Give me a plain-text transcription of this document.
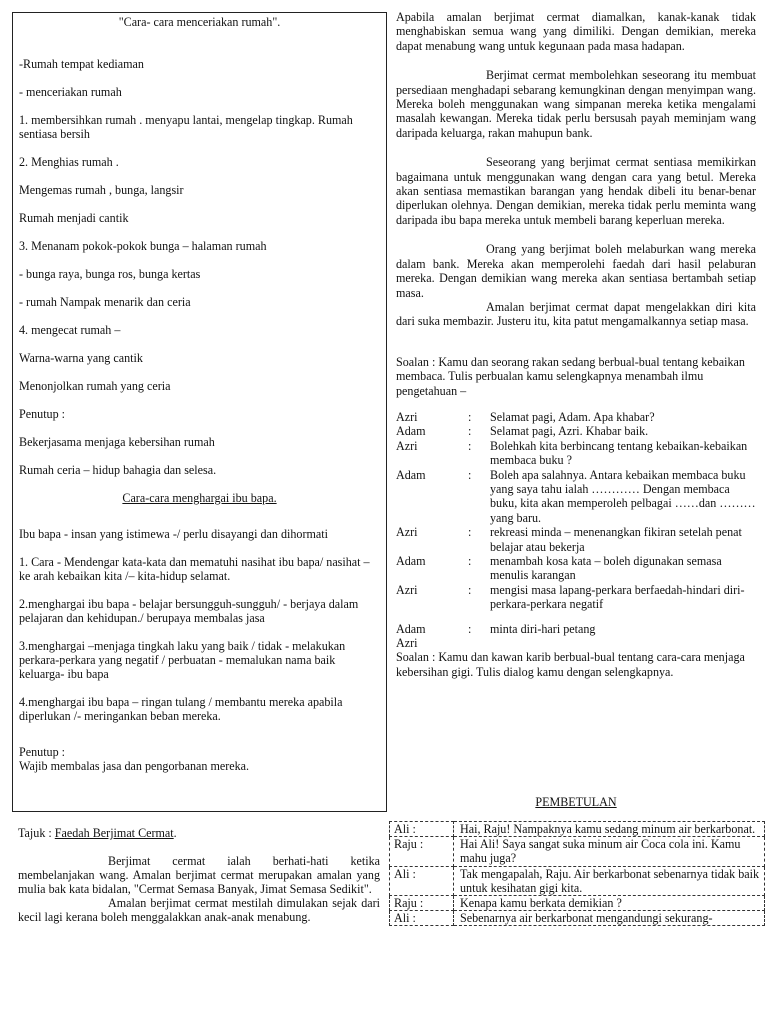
"Cara- cara menceriakan rumah".
-Rumah tempat kediaman
- menceriakan rumah
1. membersihkan rumah . menyapu lantai, mengelap tingkap. Rumah sentiasa bersih
2. Menghias rumah .
Mengemas rumah , bunga, langsir
Rumah menjadi cantik
3. Menanam pokok-pokok bunga – halaman rumah
- bunga raya, bunga ros, bunga kertas
- rumah Nampak menarik dan ceria
4. mengecat rumah –
Warna-warna yang cantik
Menonjolkan rumah yang ceria
Penutup :
Bekerjasama menjaga kebersihan rumah
Rumah ceria – hidup bahagia dan selesa.
Cara-cara menghargai ibu bapa.
Ibu bapa - insan yang istimewa -/ perlu disayangi dan dihormati
1. Cara - Mendengar kata-kata dan mematuhi nasihat ibu bapa/ nasihat – ke arah kebaikan kita /– kita-hidup selamat.
2.menghargai ibu bapa - belajar bersungguh-sungguh/ - berjaya dalam pelajaran dan kehidupan./ berupaya membalas jasa
3.menghargai –menjaga tingkah laku yang baik / tidak - melakukan perkara-perkara yang negatif / perbuatan - memalukan nama baik keluarga- ibu bapa
4.menghargai ibu bapa – ringan tulang / membantu mereka apabila diperlukan /- meringankan beban mereka.
Penutup :
Wajib membalas jasa dan pengorbanan mereka.

Tajuk : Faedah Berjimat Cermat.

Berjimat cermat ialah berhati-hati ketika membelanjakan wang. Amalan berjimat cermat merupakan amalan yang mulia bak kata bidalan, "Cermat Semasa Banyak, Jimat Semasa Sedikit".

Amalan berjimat cermat mestilah dimulakan sejak dari kecil lagi kerana boleh menggalakkan anak-anak menabung.

Apabila amalan berjimat cermat diamalkan, kanak-kanak tidak menghabiskan semua wang yang dimiliki. Dengan demikian, mereka dapat menabung wang untuk kegunaan pada masa hadapan.

Berjimat cermat membolehkan seseorang itu membuat persediaan menghadapi sebarang kemungkinan dengan menyimpan wang. Mereka boleh menggunakan wang simpanan mereka ketika mengalami masalah kewangan. Mereka tidak perlu bersusah payah meminjam wang daripada keluarga, rakan mahupun bank.

Seseorang yang berjimat cermat sentiasa memikirkan bagaimana untuk menggunakan wang dengan cara yang betul. Mereka akan sentiasa memastikan barangan yang hendak dibeli itu benar-benar diperlukan olehnya. Dengan demikian, mereka tidak perlu meminta wang daripada ibu bapa mereka untuk membeli barang keperluan mereka.

Orang yang berjimat boleh melaburkan wang mereka dalam bank. Mereka akan memperolehi faedah dari hasil pelaburan mereka. Dengan demikian wang mereka akan sentiasa bertambah setiap masa.

Amalan berjimat cermat dapat mengelakkan diri kita dari suka membazir. Justeru itu, kita patut mengamalkannya setiap masa.

Soalan : Kamu dan seorang rakan sedang berbual-bual tentang kebaikan membaca. Tulis perbualan kamu selengkapnya menambah ilmu pengetahuan –

Azri	:	Selamat pagi, Adam. Apa khabar?
Adam	:	Selamat pagi, Azri. Khabar baik.
Azri	:	Bolehkah kita berbincang tentang kebaikan-kebaikan membaca buku ?
Adam	:	Boleh apa salahnya. Antara kebaikan membaca buku yang saya tahu ialah ………… Dengan membaca buku, kita akan memperoleh pelbagai ……dan ………yang baru.
Azri	:	rekreasi minda – menenangkan fikiran setelah penat belajar atau bekerja
Adam	:	menambah kosa kata – boleh digunakan semasa menulis karangan
Azri	:	mengisi masa lapang-perkara berfaedah-hindari diri-perkara-perkara negatif
Adam	:	minta diri-hari petang
Azri

Soalan : Kamu dan kawan karib berbual-bual tentang cara-cara menjaga kebersihan gigi. Tulis dialog kamu dengan selengkapnya.

PEMBETULAN
Ali :	Hai, Raju! Nampaknya kamu sedang minum air berkarbonat.
Raju :	Hai Ali! Saya sangat suka minum air Coca cola ini. Kamu mahu juga?
Ali :	Tak mengapalah, Raju. Air berkarbonat sebenarnya tidak baik untuk kesihatan gigi kita.
Raju :	Kenapa kamu berkata demikian ?
Ali :	Sebenarnya air berkarbonat mengandungi sekurang-
